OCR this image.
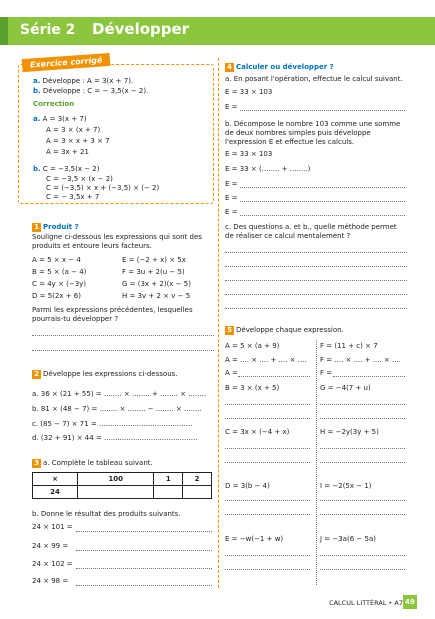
Série 2 Développer
Exercice corrigé
a. Développe : A = 3(x + 7).
b. Développe : C = − 3,5(x − 2).
Correction
a. A = 3(x + 7)
A = 3 × (x + 7)
A = 3 × x + 3 × 7
A = 3x + 21
b. C = −3,5(x − 2)
C = −3,5 × (x − 2)
C = (−3,5) × x + (−3,5) × (− 2)
C = − 3,5x + 7
1 Produit ?
Souligne ci-dessous les expressions qui sont des produits et entoure leurs facteurs.
A = 5 × x − 4
B = 5 × (a − 4)
C = 4y × (−3y)
D = 5(2x + 6)
E = (−2 + x) × 5x
F = 3u + 2(u − 5)
G = (3x + 2)(x − 5)
H = 3v + 2 × v − 5
Parmi les expressions précédentes, lesquelles pourrais-tu développer ?
2 Développe les expressions ci-dessous.
a. 36 × (21 + 55) = ........ × ........ + ........ × ........
b. 81 × (48 − 7) = ........ × ........ − ........ × ........
c. (85 − 7) × 71 = ..........................................
d. (32 + 91) × 44 = ..........................................
3 a. Complète le tableau suivant.
×	100	1	2
24			
b. Donne le résultat des produits suivants.
24 × 101 =
24 × 99 =
24 × 102 =
24 × 98 =
4 Calculer ou développer ?
a. En posant l'opération, effectue le calcul suivant.
E = 33 × 103
E =
b. Décompose le nombre 103 comme une somme de deux nombres simples puis développe l'expression E et effectue les calculs.
E = 33 × 103
E = 33 × (........ + ........)
E =
E =
E =
c. Des questions a. et b., quelle méthode permet de réaliser ce calcul mentalement ?
5 Développe chaque expression.
A = 5 × (a + 9)
A = .... × .... + .... × ....
A =
F = (11 + c) × 7
F = .... × .... + .... × ....
F =
B = 3 × (x + 5)	G = −4(7 + u)
C = 3x × (−4 + x)	H = −2y(3y + 5)
D = 3(b − 4)	I = −2(5x − 1)
E = −w(−1 + w)	J = −3a(6 − 5a)
CALCUL LITTÉRAL • A7 49
